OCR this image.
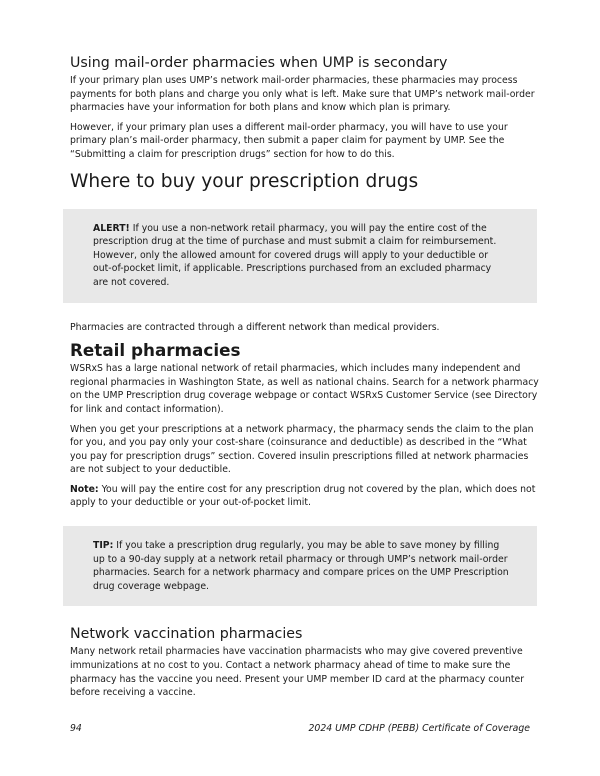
Using mail-order pharmacies when UMP is secondary

If your primary plan uses UMP’s network mail-order pharmacies, these pharmacies may process payments for both plans and charge you only what is left. Make sure that UMP’s network mail-order pharmacies have your information for both plans and know which plan is primary.

However, if your primary plan uses a different mail-order pharmacy, you will have to use your primary plan’s mail-order pharmacy, then submit a paper claim for payment by UMP. See the “Submitting a claim for prescription drugs” section for how to do this.

Where to buy your prescription drugs

ALERT! If you use a non-network retail pharmacy, you will pay the entire cost of the prescription drug at the time of purchase and must submit a claim for reimbursement. However, only the allowed amount for covered drugs will apply to your deductible or out-of-pocket limit, if applicable. Prescriptions purchased from an excluded pharmacy are not covered.

Pharmacies are contracted through a different network than medical providers.

Retail pharmacies

WSRxS has a large national network of retail pharmacies, which includes many independent and regional pharmacies in Washington State, as well as national chains. Search for a network pharmacy on the UMP Prescription drug coverage webpage or contact WSRxS Customer Service (see Directory for link and contact information).

When you get your prescriptions at a network pharmacy, the pharmacy sends the claim to the plan for you, and you pay only your cost-share (coinsurance and deductible) as described in the “What you pay for prescription drugs” section. Covered insulin prescriptions filled at network pharmacies are not subject to your deductible.

Note: You will pay the entire cost for any prescription drug not covered by the plan, which does not apply to your deductible or your out-of-pocket limit.

TIP: If you take a prescription drug regularly, you may be able to save money by filling up to a 90-day supply at a network retail pharmacy or through UMP’s network mail-order pharmacies. Search for a network pharmacy and compare prices on the UMP Prescription drug coverage webpage.

Network vaccination pharmacies

Many network retail pharmacies have vaccination pharmacists who may give covered preventive immunizations at no cost to you. Contact a network pharmacy ahead of time to make sure the pharmacy has the vaccine you need. Present your UMP member ID card at the pharmacy counter before receiving a vaccine.

94	2024 UMP CDHP (PEBB) Certificate of Coverage
